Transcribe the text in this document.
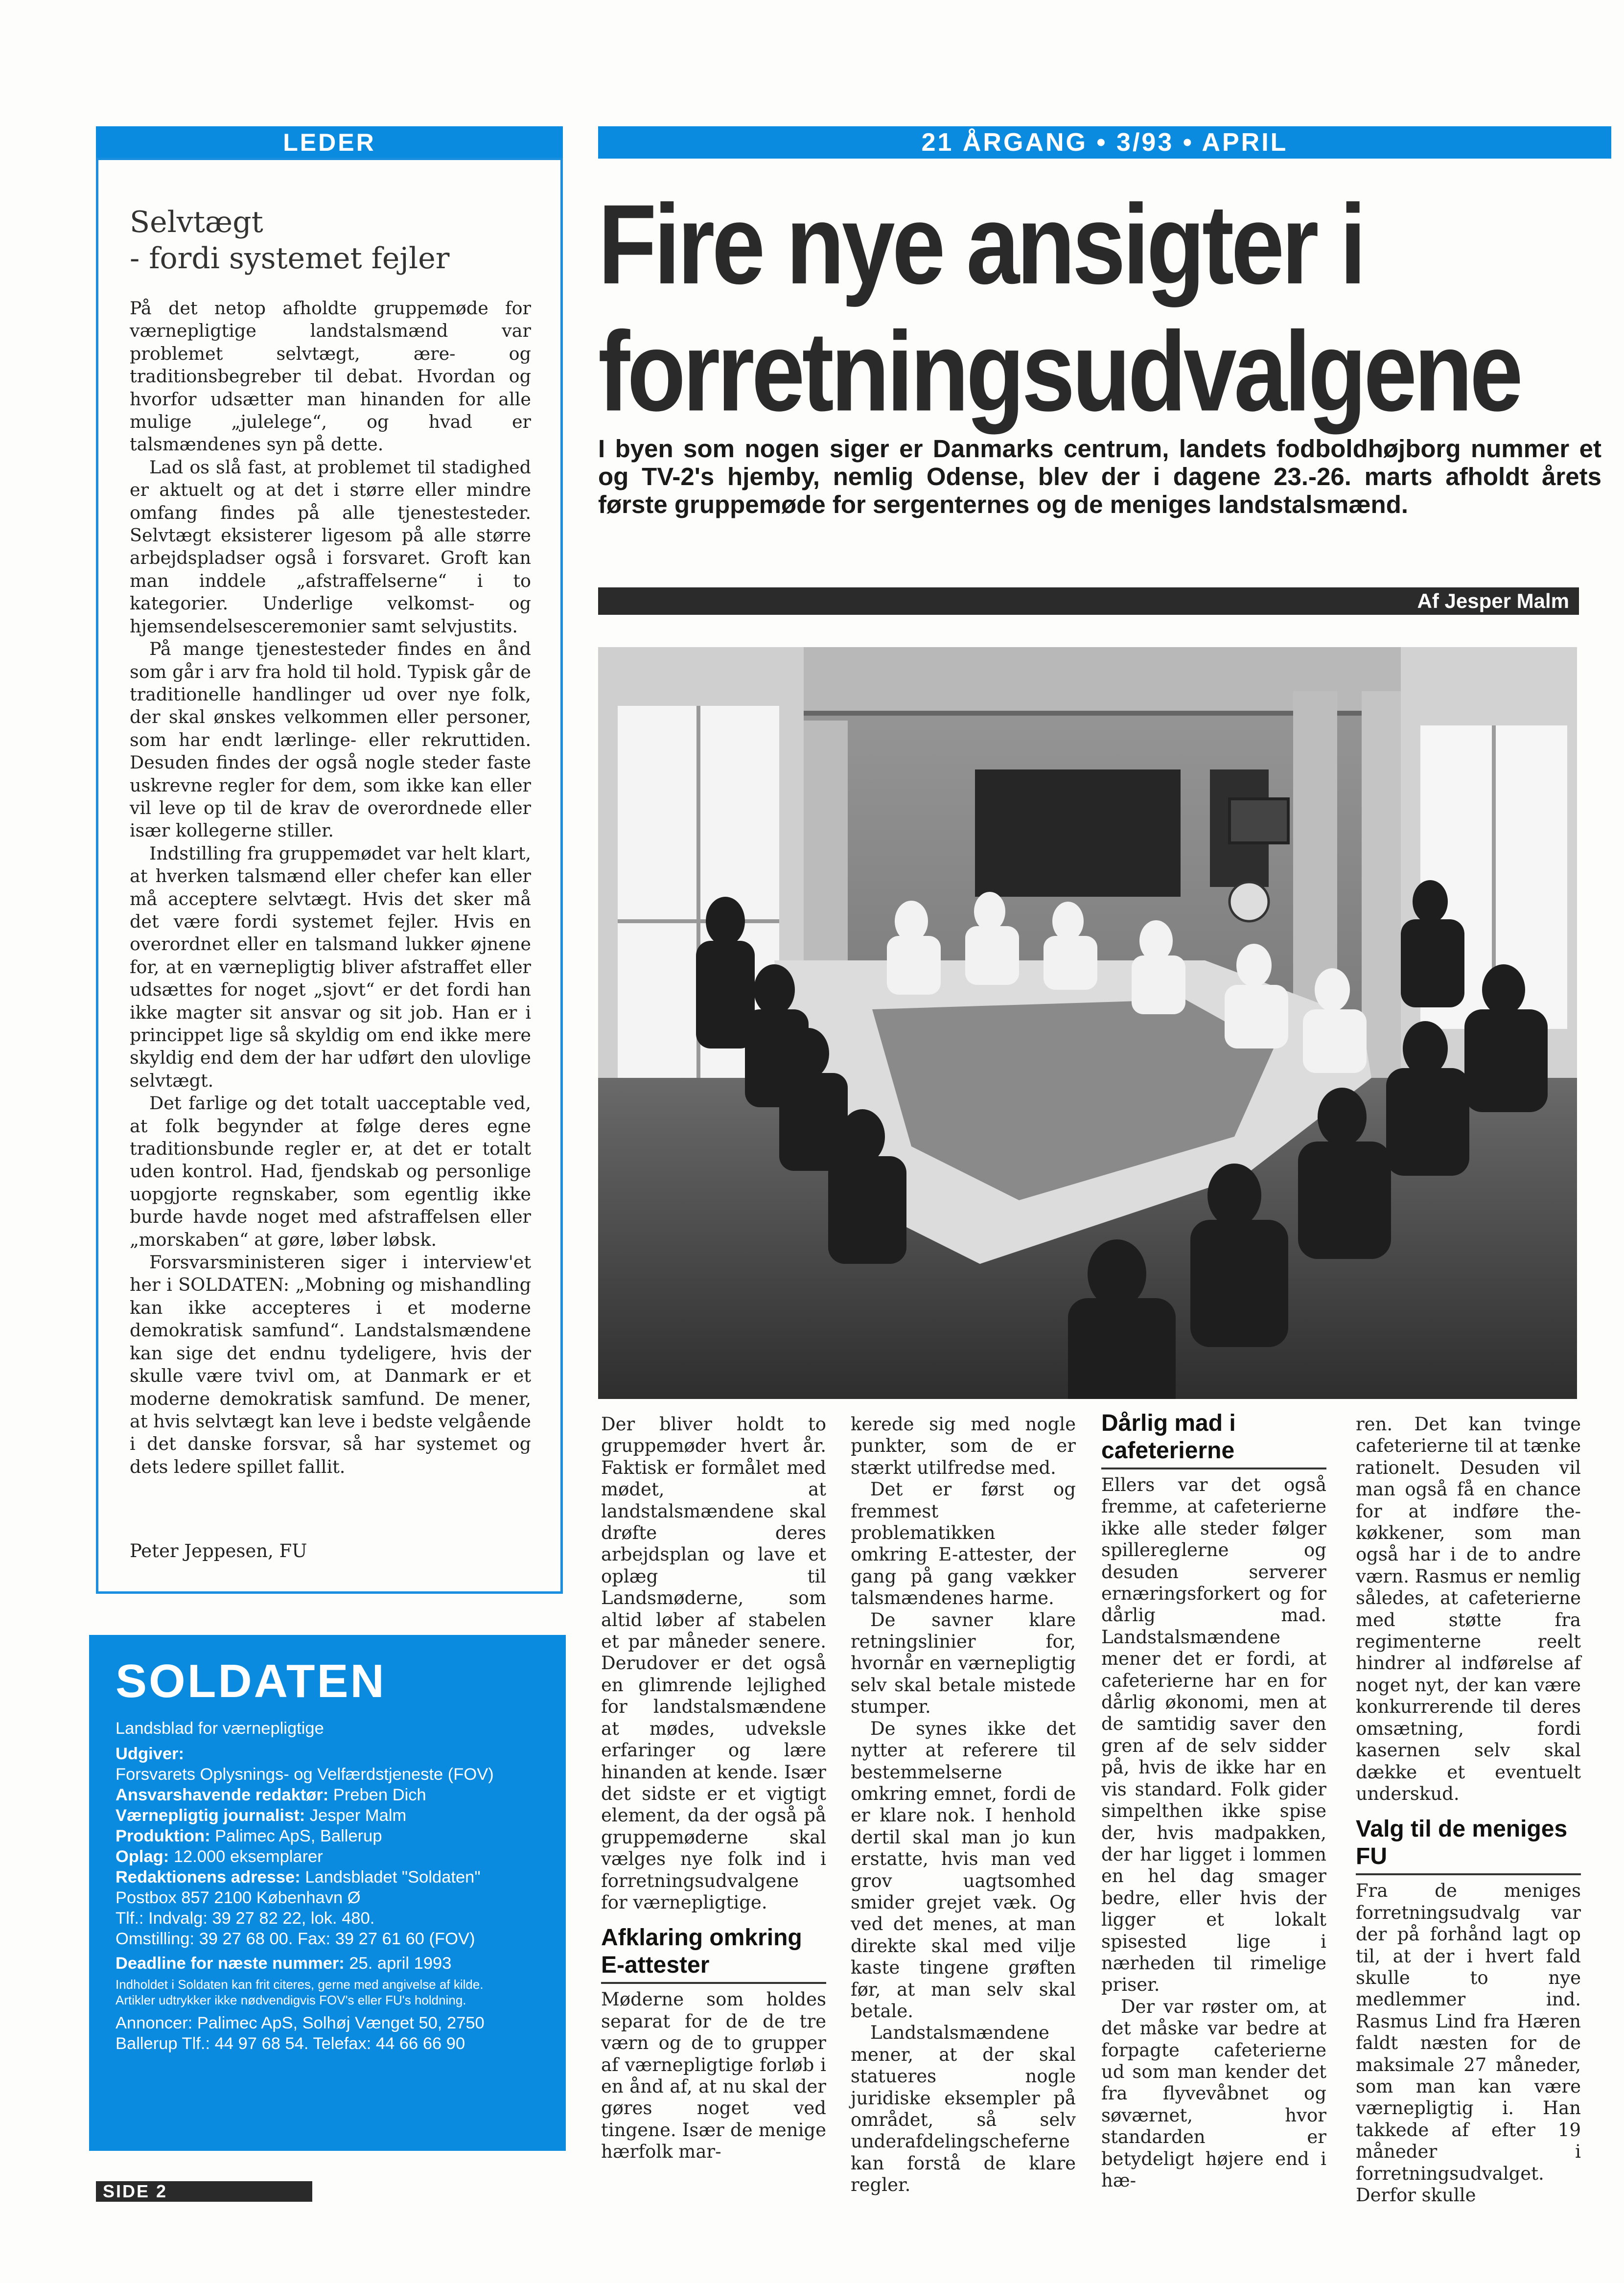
LEDER
Selvtægt
- fordi systemet fejler

På det netop afholdte gruppemøde for værnepligtige landstalsmænd var problemet selvtægt, ære- og traditionsbegreber til debat. Hvordan og hvorfor udsætter man hinanden for alle mulige „julelege“, og hvad er talsmændenes syn på dette.

Lad os slå fast, at problemet til stadighed er aktuelt og at det i større eller mindre omfang findes på alle tjenestesteder. Selvtægt eksisterer ligesom på alle større arbejdspladser også i forsvaret. Groft kan man inddele „afstraffelserne“ i to kategorier. Underlige velkomst- og hjemsendelsesceremonier samt selvjustits.

På mange tjenestesteder findes en ånd som går i arv fra hold til hold. Typisk går de traditionelle handlinger ud over nye folk, der skal ønskes velkommen eller personer, som har endt lærlinge- eller rekruttiden. Desuden findes der også nogle steder faste uskrevne regler for dem, som ikke kan eller vil leve op til de krav de overordnede eller især kollegerne stiller.

Indstilling fra gruppemødet var helt klart, at hverken talsmænd eller chefer kan eller må acceptere selvtægt. Hvis det sker må det være fordi systemet fejler. Hvis en overordnet eller en talsmand lukker øjnene for, at en værnepligtig bliver afstraffet eller udsættes for noget „sjovt“ er det fordi han ikke magter sit ansvar og sit job. Han er i princippet lige så skyldig om end ikke mere skyldig end dem der har udført den ulovlige selvtægt.

Det farlige og det totalt uacceptable ved, at folk begynder at følge deres egne traditionsbunde regler er, at det er totalt uden kontrol. Had, fjendskab og personlige uopgjorte regnskaber, som egentlig ikke burde havde noget med afstraffelsen eller „morskaben“ at gøre, løber løbsk.

Forsvarsministeren siger i interview'et her i SOLDATEN: „Mobning og mishandling kan ikke accepteres i et moderne demokratisk samfund“. Landstalsmændene kan sige det endnu tydeligere, hvis der skulle være tvivl om, at Danmark er et moderne demokratisk samfund. De mener, at hvis selvtægt kan leve i bedste velgående i det danske forsvar, så har systemet og dets ledere spillet fallit.

Peter Jeppesen, FU
21 ÅRGANG • 3/93 • APRIL
Fire nye ansigter i
forretningsudvalgene
I byen som nogen siger er Danmarks centrum, landets fodboldhøjborg nummer et og TV-2's hjemby, nemlig Odense, blev der i dagene 23.-26. marts afholdt årets første gruppemøde for sergenternes og de meniges landstalsmænd.
Af Jesper Malm

Der bliver holdt to gruppemøder hvert år. Faktisk er formålet med mødet, at landstalsmændene skal drøfte deres arbejdsplan og lave et oplæg til Landsmøderne, som altid løber af stabelen et par måneder senere. Derudover er det også en glimrende lejlighed for landstalsmændene at mødes, udveksle erfaringer og lære hinanden at kende. Især det sidste er et vigtigt element, da der også på gruppemøderne skal vælges nye folk ind i forretningsudvalgene for værnepligtige.

Afklaring omkring E-attester

Møderne som holdes separat for de de tre værn og de to grupper af værnepligtige forløb i en ånd af, at nu skal der gøres noget ved tingene. Især de menige hærfolk mar-

kerede sig med nogle punkter, som de er stærkt utilfredse med.

Det er først og fremmest problematikken omkring E-attester, der gang på gang vækker talsmændenes harme.

De savner klare retningslinier for, hvornår en værnepligtig selv skal betale mistede stumper.

De synes ikke det nytter at referere til bestemmelserne omkring emnet, fordi de er klare nok. I henhold dertil skal man jo kun erstatte, hvis man ved grov uagtsomhed smider grejet væk. Og ved det menes, at man direkte skal med vilje kaste tingene grøften før, at man selv skal betale.

Landstalsmændene mener, at der skal statueres nogle juridiske eksempler på området, så selv underafdelingscheferne kan forstå de klare regler.

Dårlig mad i cafeterierne

Ellers var det også fremme, at cafeterierne ikke alle steder følger spillereglerne og desuden serverer ernæringsforkert og for dårlig mad. Landstalsmændene mener det er fordi, at cafeterierne har en for dårlig økonomi, men at de samtidig saver den gren af de selv sidder på, hvis de ikke har en vis standard. Folk gider simpelthen ikke spise der, hvis madpakken, der har ligget i lommen en hel dag smager bedre, eller hvis der ligger et lokalt spisested lige i nærheden til rimelige priser.

Der var røster om, at det måske var bedre at forpagte cafeterierne ud som man kender det fra flyvevåbnet og søværnet, hvor standarden er betydeligt højere end i hæ-

ren. Det kan tvinge cafeterierne til at tænke rationelt. Desuden vil man også få en chance for at indføre the-køkkener, som man også har i de to andre værn. Rasmus er nemlig således, at cafeterierne med støtte fra regimenterne reelt hindrer al indførelse af noget nyt, der kan være konkurrerende til deres omsætning, fordi kasernen selv skal dække et eventuelt underskud.

Valg til de meniges FU

Fra de meniges forretningsudvalg var der på forhånd lagt op til, at der i hvert fald skulle to nye medlemmer ind. Rasmus Lind fra Hæren faldt næsten for de maksimale 27 måneder, som man kan være værnepligtig i. Han takkede af efter 19 måneder i forretningsudvalget. Derfor skulle

SOLDATEN
Landsblad for værnepligtige
Udgiver:
Forsvarets Oplysnings- og Velfærdstjeneste (FOV)
Ansvarshavende redaktør: Preben Dich
Værnepligtig journalist: Jesper Malm
Produktion: Palimec ApS, Ballerup
Oplag: 12.000 eksemplarer
Redaktionens adresse: Landsbladet "Soldaten"
Postbox 857 2100 København Ø
Tlf.: Indvalg: 39 27 82 22, lok. 480.
Omstilling: 39 27 68 00. Fax: 39 27 61 60 (FOV)
Deadline for næste nummer: 25. april 1993
Indholdet i Soldaten kan frit citeres, gerne med angivelse af kilde.
Artikler udtrykker ikke nødvendigvis FOV's eller FU's holdning.
Annoncer: Palimec ApS, Solhøj Vænget 50, 2750
Ballerup Tlf.: 44 97 68 54. Telefax: 44 66 66 90
SIDE 2
